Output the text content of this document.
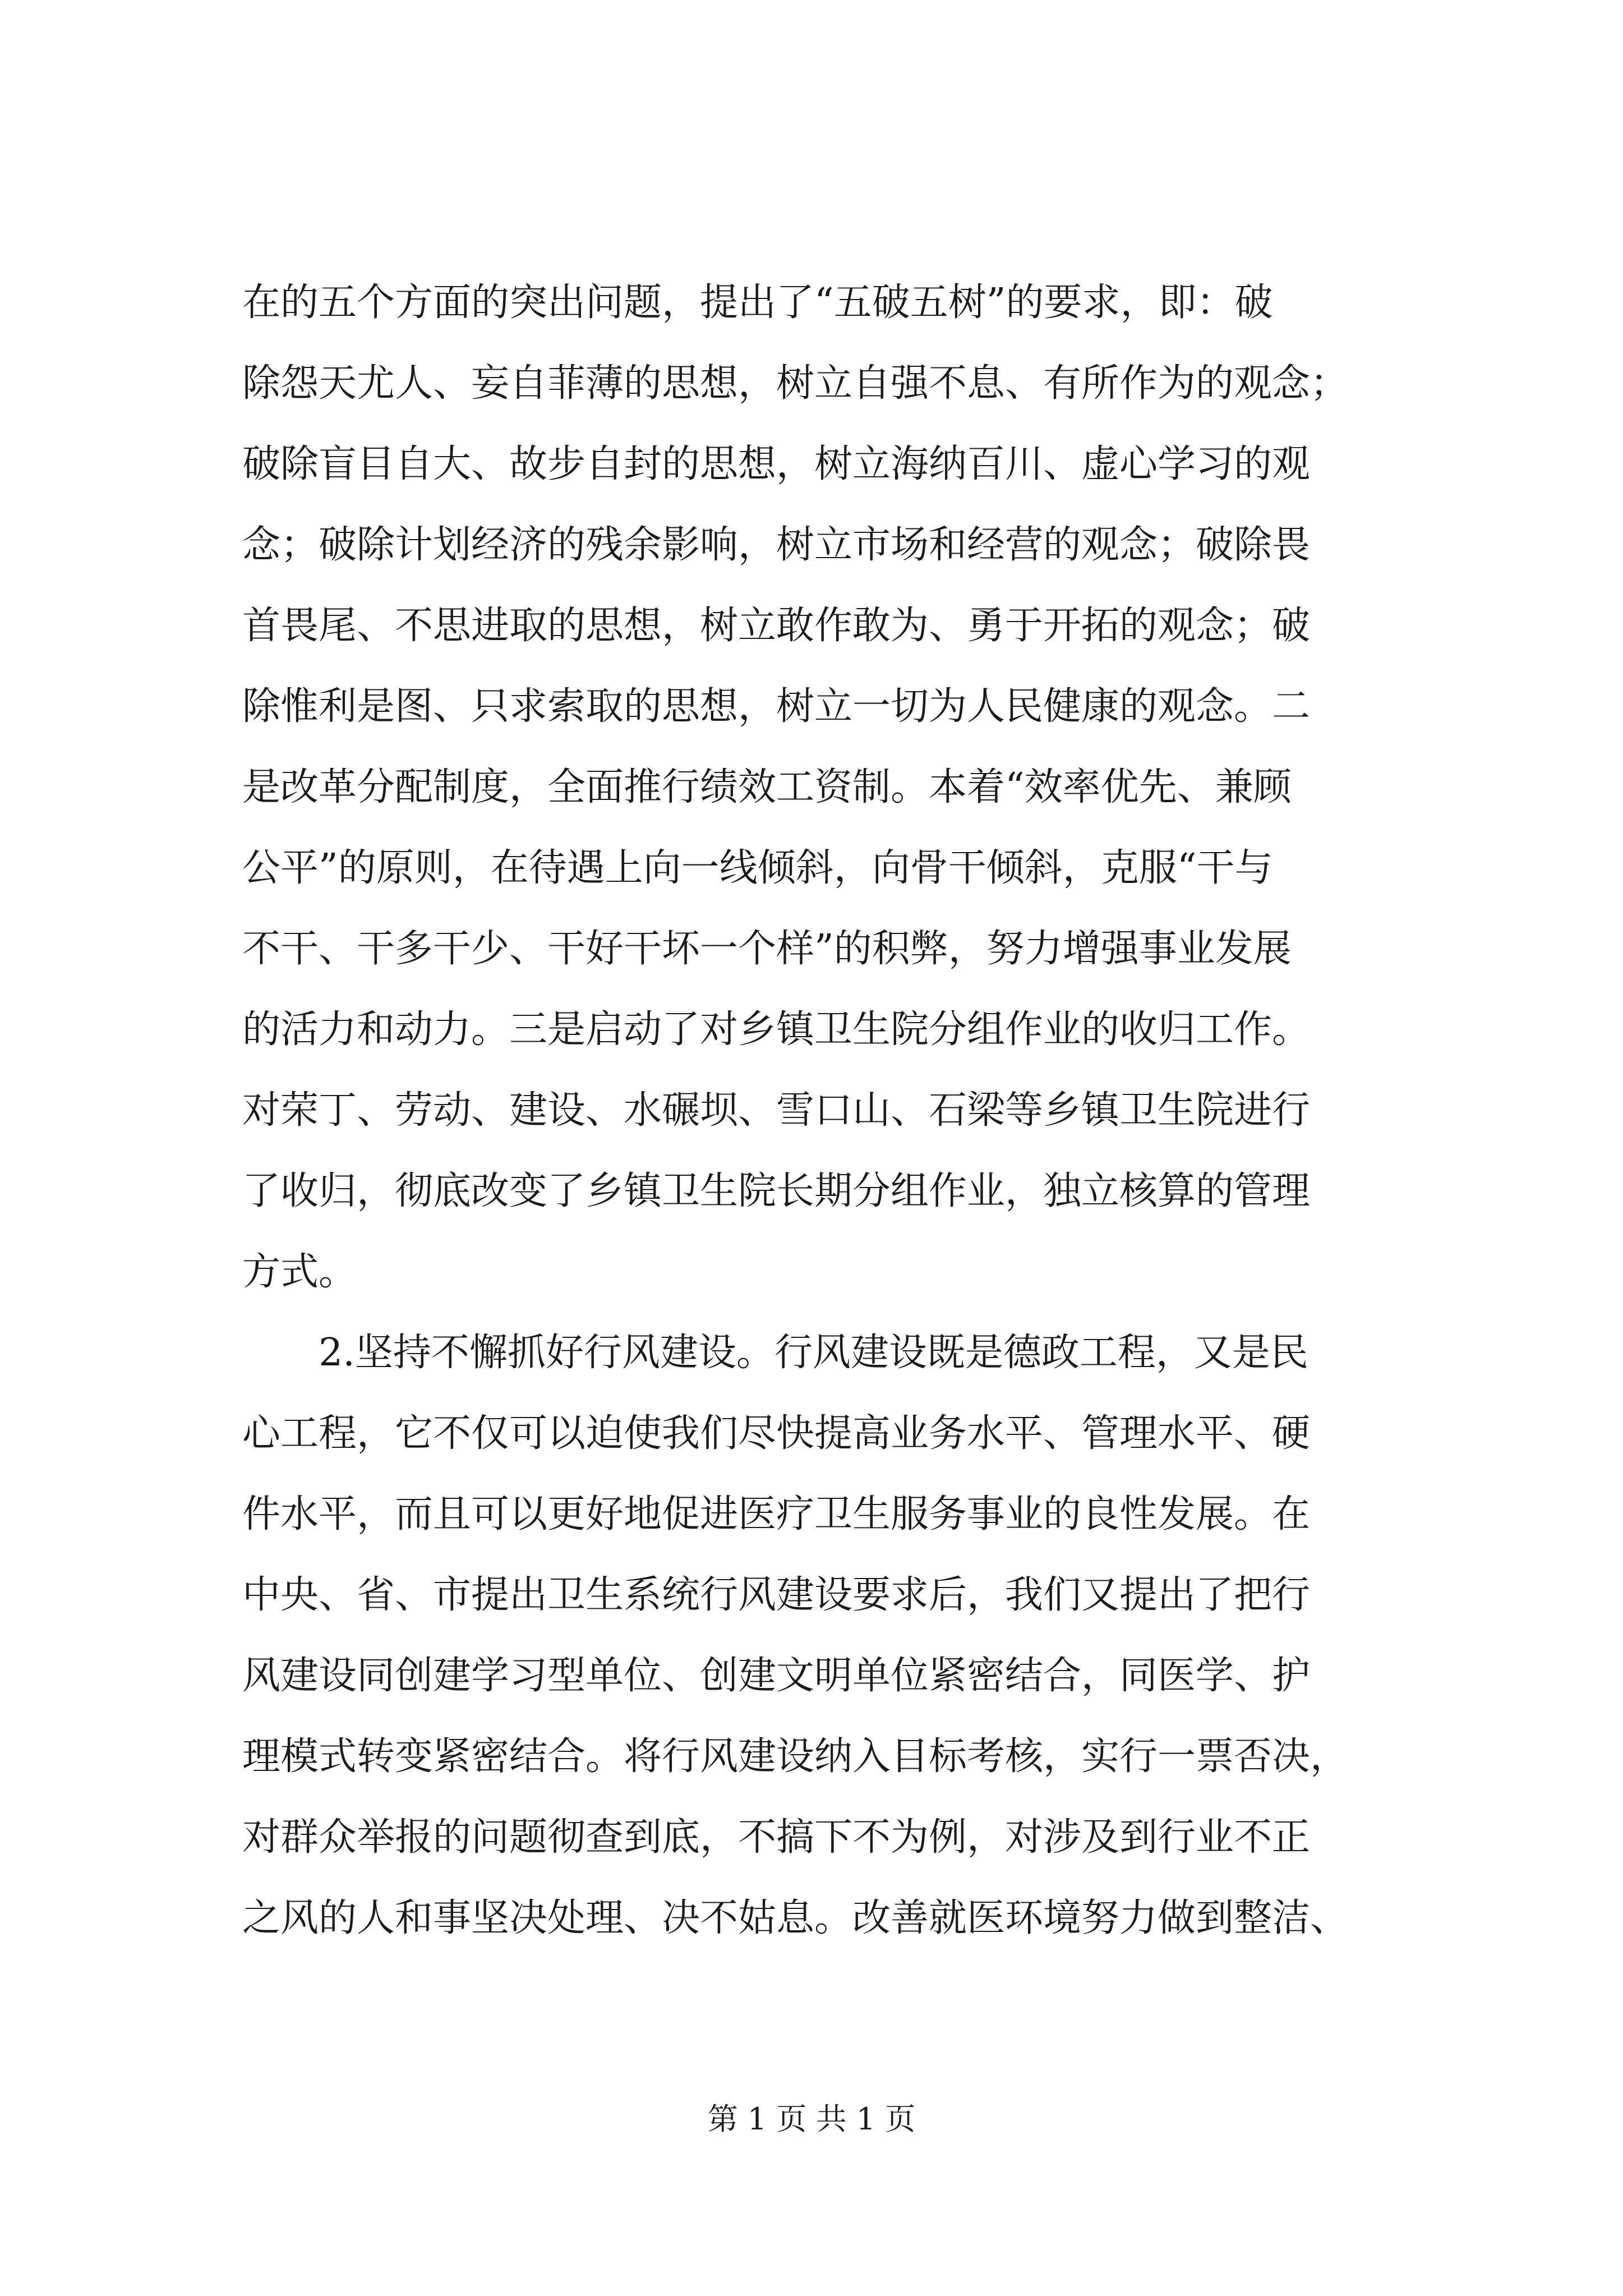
在的五个方面的突出问题，提出了“五破五树”的要求，即：破
除怨天尤人、妄自菲薄的思想，树立自强不息、有所作为的观念；
破除盲目自大、故步自封的思想，树立海纳百川、虚心学习的观
念；破除计划经济的残余影响，树立市场和经营的观念；破除畏
首畏尾、不思进取的思想，树立敢作敢为、勇于开拓的观念；破
除惟利是图、只求索取的思想，树立一切为人民健康的观念。二
是改革分配制度，全面推行绩效工资制。本着“效率优先、兼顾
公平”的原则，在待遇上向一线倾斜，向骨干倾斜，克服“干与
不干、干多干少、干好干坏一个样”的积弊，努力增强事业发展
的活力和动力。三是启动了对乡镇卫生院分组作业的收归工作。
对荣丁、劳动、建设、水碾坝、雪口山、石梁等乡镇卫生院进行
了收归，彻底改变了乡镇卫生院长期分组作业，独立核算的管理
方式。
　　2.坚持不懈抓好行风建设。行风建设既是德政工程，又是民
心工程，它不仅可以迫使我们尽快提高业务水平、管理水平、硬
件水平，而且可以更好地促进医疗卫生服务事业的良性发展。在
中央、省、市提出卫生系统行风建设要求后，我们又提出了把行
风建设同创建学习型单位、创建文明单位紧密结合，同医学、护
理模式转变紧密结合。将行风建设纳入目标考核，实行一票否决，
对群众举报的问题彻查到底，不搞下不为例，对涉及到行业不正
之风的人和事坚决处理、决不姑息。改善就医环境努力做到整洁、
第 1 页 共 1 页
